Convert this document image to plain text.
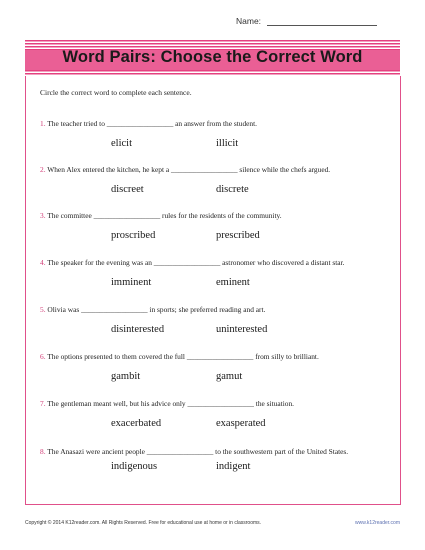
Name:
Word Pairs: Choose the Correct Word
Circle the correct word to complete each sentence.
1. The teacher tried to __________________ an answer from the student.
elicit	illicit
2. When Alex entered the kitchen, he kept a __________________ silence while the chefs argued.
discreet	discrete
3. The committee __________________ rules for the residents of the community.
proscribed	prescribed
4. The speaker for the evening was an __________________ astronomer who discovered a distant star.
imminent	eminent
5. Olivia was __________________ in sports; she preferred reading and art.
disinterested	uninterested
6. The options presented to them covered the full __________________ from silly to brilliant.
gambit	gamut
7. The gentleman meant well, but his advice only __________________ the situation.
exacerbated	exasperated
8. The Anasazi were ancient people __________________ to the southwestern part of the United States.
indigenous	indigent
Copyright © 2014 K12reader.com. All Rights Reserved. Free for educational use at home or in classrooms.	www.k12reader.com
